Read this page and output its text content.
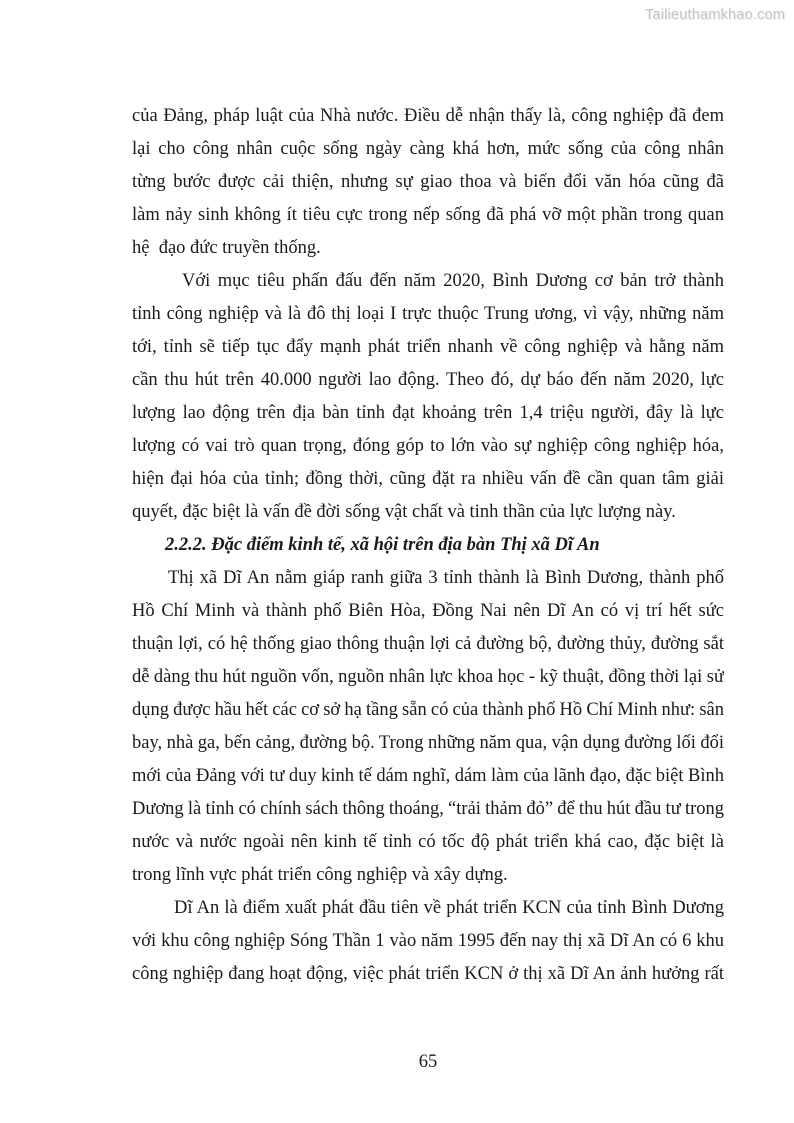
Tailieuthamkhao.com
của Đảng, pháp luật của Nhà nước. Điều dễ nhận thấy là, công nghiệp đã đem
lại cho công nhân cuộc sống ngày càng khá hơn, mức sống của công nhân
từng bước được cải thiện, nhưng sự giao thoa và biến đổi văn hóa cũng đã
làm nảy sinh không ít tiêu cực trong nếp sống đã phá vỡ một phần trong quan
hệ  đạo đức truyền thống.
Với mục tiêu phấn đấu đến năm 2020, Bình Dương cơ bản trở thành
tỉnh công nghiệp và là đô thị loại I trực thuộc Trung ương, vì vậy, những năm
tới, tỉnh sẽ tiếp tục đẩy mạnh phát triển nhanh về công nghiệp và hằng năm
cần thu hút trên 40.000 người lao động. Theo đó, dự báo đến năm 2020, lực
lượng lao động trên địa bàn tỉnh đạt khoảng trên 1,4 triệu người, đây là lực
lượng có vai trò quan trọng, đóng góp to lớn vào sự nghiệp công nghiệp hóa,
hiện đại hóa của tỉnh; đồng thời, cũng đặt ra nhiều vấn đề cần quan tâm giải
quyết, đặc biệt là vấn đề đời sống vật chất và tinh thần của lực lượng này.
2.2.2. Đặc điểm kinh tế, xã hội trên địa bàn Thị xã Dĩ An
Thị xã Dĩ An nằm giáp ranh giữa 3 tỉnh thành là Bình Dương, thành phố
Hồ Chí Minh và thành phố Biên Hòa, Đồng Nai nên Dĩ An có vị trí hết sức
thuận lợi, có hệ thống giao thông thuận lợi cả đường bộ, đường thủy, đường sắt
dễ dàng thu hút nguồn vốn, nguồn nhân lực khoa học - kỹ thuật, đồng thời lại sử
dụng được hầu hết các cơ sở hạ tầng sẵn có của thành phố Hồ Chí Minh như: sân
bay, nhà ga, bến cảng, đường bộ. Trong những năm qua, vận dụng đường lối đổi
mới của Đảng với tư duy kinh tế dám nghĩ, dám làm của lãnh đạo, đặc biệt Bình
Dương là tỉnh có chính sách thông thoáng, “trải thảm đỏ” để thu hút đầu tư trong
nước và nước ngoài nên kinh tế tỉnh có tốc độ phát triển khá cao, đặc biệt là
trong lĩnh vực phát triển công nghiệp và xây dựng.
Dĩ An là điểm xuất phát đầu tiên về phát triển KCN của tỉnh Bình Dương
với khu công nghiệp Sóng Thần 1 vào năm 1995 đến nay thị xã Dĩ An có 6 khu
công nghiệp đang hoạt động, việc phát triển KCN ở thị xã Dĩ An ảnh hưởng rất
65
